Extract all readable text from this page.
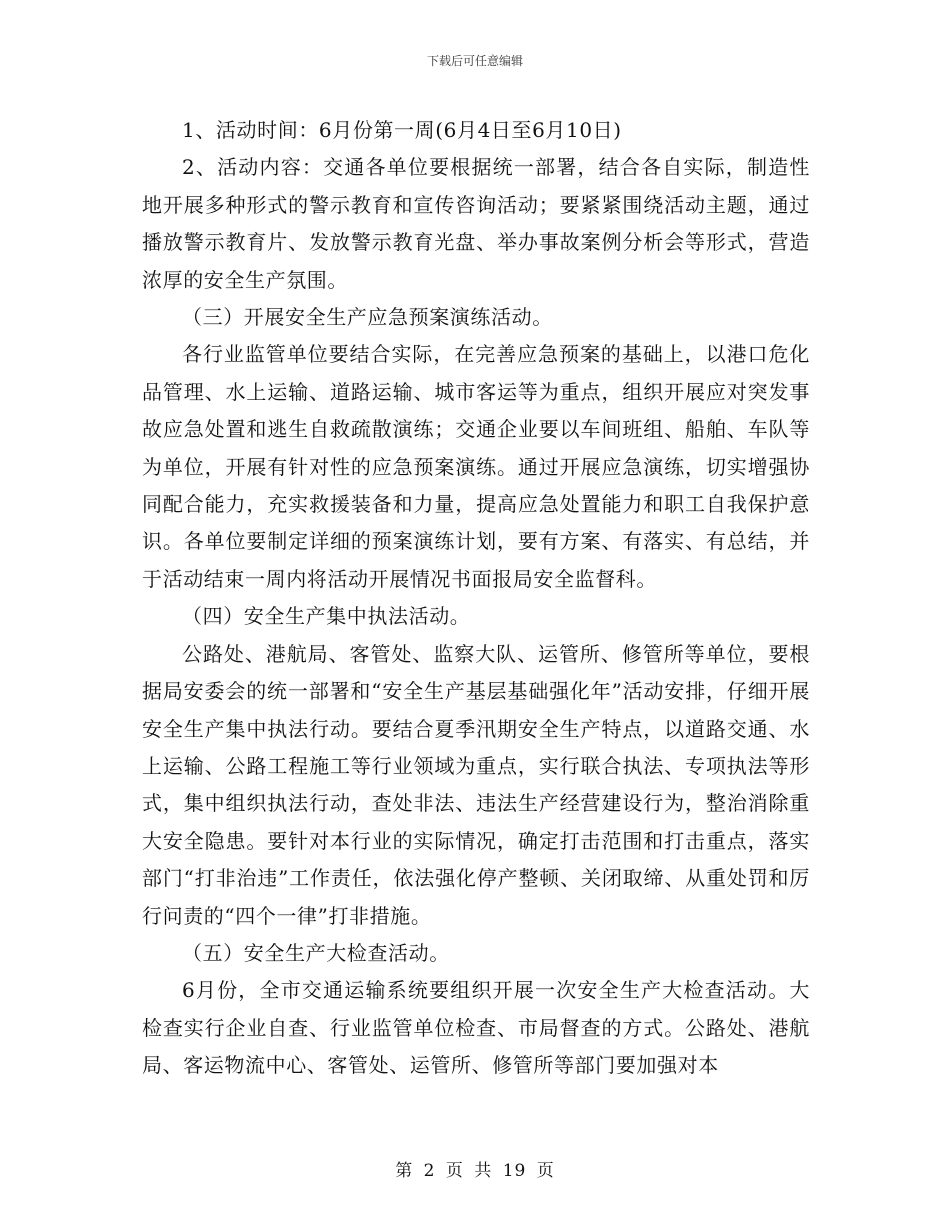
下载后可任意编辑

1、活动时间：6月份第一周(6月4日至6月10日)

2、活动内容：交通各单位要根据统一部署，结合各自实际，制造性地开展多种形式的警示教育和宣传咨询活动；要紧紧围绕活动主题，通过播放警示教育片、发放警示教育光盘、举办事故案例分析会等形式，营造浓厚的安全生产氛围。

（三）开展安全生产应急预案演练活动。

各行业监管单位要结合实际，在完善应急预案的基础上，以港口危化品管理、水上运输、道路运输、城市客运等为重点，组织开展应对突发事故应急处置和逃生自救疏散演练；交通企业要以车间班组、船舶、车队等为单位，开展有针对性的应急预案演练。通过开展应急演练，切实增强协同配合能力，充实救援装备和力量，提高应急处置能力和职工自我保护意识。各单位要制定详细的预案演练计划，要有方案、有落实、有总结，并于活动结束一周内将活动开展情况书面报局安全监督科。

（四）安全生产集中执法活动。

公路处、港航局、客管处、监察大队、运管所、修管所等单位，要根据局安委会的统一部署和“安全生产基层基础强化年”活动安排，仔细开展安全生产集中执法行动。要结合夏季汛期安全生产特点，以道路交通、水上运输、公路工程施工等行业领域为重点，实行联合执法、专项执法等形式，集中组织执法行动，查处非法、违法生产经营建设行为，整治消除重大安全隐患。要针对本行业的实际情况，确定打击范围和打击重点，落实部门“打非治违”工作责任，依法强化停产整顿、关闭取缔、从重处罚和厉行问责的“四个一律”打非措施。

（五）安全生产大检查活动。

6月份，全市交通运输系统要组织开展一次安全生产大检查活动。大检查实行企业自查、行业监管单位检查、市局督查的方式。公路处、港航局、客运物流中心、客管处、运管所、修管所等部门要加强对本

第 2 页 共 19 页
